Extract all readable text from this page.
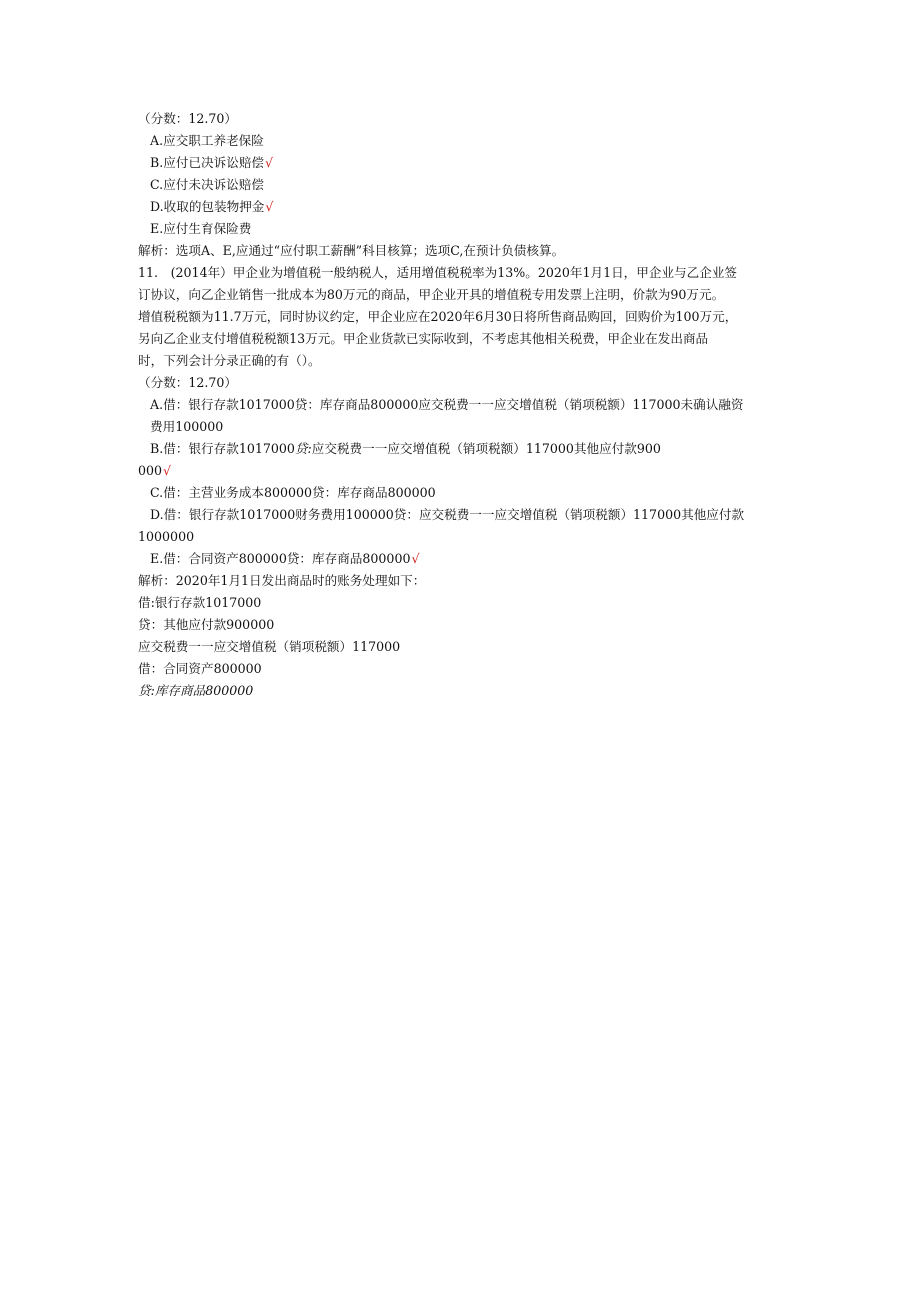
（分数：12.70）
A.应交职工养老保险
B.应付已决诉讼赔偿√
C.应付未决诉讼赔偿
D.收取的包装物押金√
E.应付生育保险费
解析：选项A、E,应通过“应付职工薪酬”科目核算；选项C,在预计负债核算。
11.　(2014年）甲企业为增值税一般纳税人，适用增值税税率为13%。2020年1月1日，甲企业与乙企业签
订协议，向乙企业销售一批成本为80万元的商品，甲企业开具的增值税专用发票上注明，价款为90万元。
增值税税额为11.7万元，同时协议约定，甲企业应在2020年6月30日将所售商品购回，回购价为100万元，
另向乙企业支付增值税税额13万元。甲企业货款已实际收到，不考虑其他相关税费，甲企业在发出商品
时，下列会计分录正确的有（）。
（分数：12.70）
A.借：银行存款1017000贷：库存商品800000应交税费一一应交增值税（销项税额）117000未确认融资
费用100000
B.借：银行存款1017000贷:应交税费一一应交增值税（销项税额）117000其他应付款900
000√
C.借：主营业务成本800000贷：库存商品800000
D.借：银行存款1017000财务费用100000贷：应交税费一一应交增值税（销项税额）117000其他应付款
1000000
E.借：合同资产800000贷：库存商品800000√
解析：2020年1月1日发出商品时的账务处理如下：
借:银行存款1017000
贷：其他应付款900000
应交税费一一应交增值税（销项税额）117000
借：合同资产800000
贷:库存商品800000
